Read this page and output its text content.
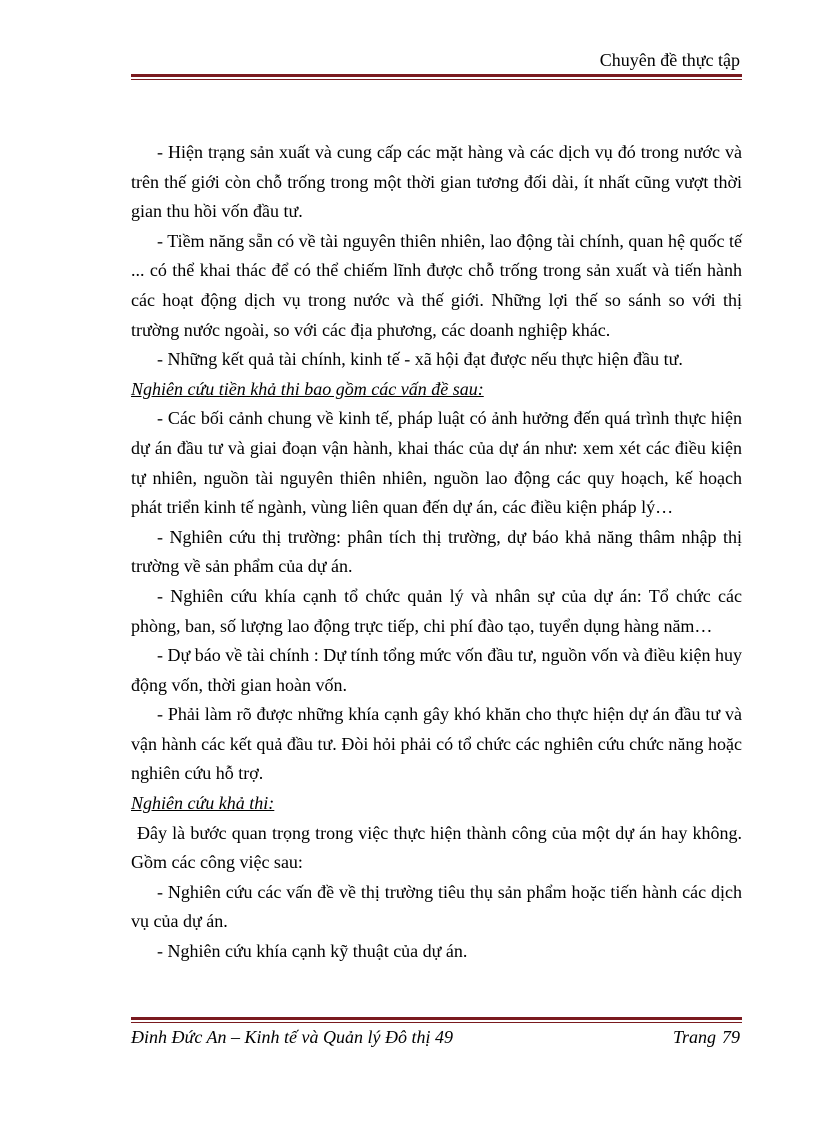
Chuyên đề thực tập

- Hiện trạng sản xuất và cung cấp các mặt hàng và các dịch vụ đó trong nước và trên thế giới còn chỗ trống trong một thời gian tương đối dài, ít nhất cũng vượt thời gian thu hồi vốn đầu tư.

- Tiềm năng sẵn có về tài nguyên thiên nhiên, lao động tài chính, quan hệ quốc tế ... có thể khai thác để có thể chiếm lĩnh được chỗ trống trong sản xuất và tiến hành các hoạt động dịch vụ trong nước và thế giới. Những lợi thế so sánh so với thị trường nước ngoài, so với các địa phương, các doanh nghiệp khác.

- Những kết quả tài chính, kinh tế - xã hội đạt được nếu thực hiện đầu tư.

Nghiên cứu tiền khả thi bao gồm các vấn đề sau:

- Các bối cảnh chung về kinh tế, pháp luật có ảnh hưởng đến quá trình thực hiện dự án đầu tư và giai đoạn vận hành, khai thác của dự án như: xem xét các điều kiện tự nhiên, nguồn tài nguyên thiên nhiên, nguồn lao động các quy hoạch, kế hoạch phát triển kinh tế ngành, vùng liên quan đến dự án, các điều kiện pháp lý…

- Nghiên cứu thị trường: phân tích thị trường, dự báo khả năng thâm nhập thị trường về sản phẩm của dự án.

- Nghiên cứu khía cạnh tổ chức quản lý và nhân sự của dự án: Tổ chức các phòng, ban, số lượng lao động trực tiếp, chi phí đào tạo, tuyển dụng hàng năm…

- Dự báo về tài chính : Dự tính tổng mức vốn đầu tư, nguồn vốn và điều kiện huy động vốn, thời gian hoàn vốn.

- Phải làm rõ được những khía cạnh gây khó khăn cho thực hiện dự án đầu tư và vận hành các kết quả đầu tư. Đòi hỏi phải có tổ chức các nghiên cứu chức năng hoặc nghiên cứu hỗ trợ.

Nghiên cứu khả thi:

Đây là bước quan trọng trong việc thực hiện thành công của một dự án hay không. Gồm các công việc sau:

- Nghiên cứu các vấn đề về thị trường tiêu thụ sản phẩm hoặc tiến hành các dịch vụ của dự án.

- Nghiên cứu khía cạnh kỹ thuật của dự án.

Đinh Đức An – Kinh tế và Quản lý Đô thị 49	Trang 79
